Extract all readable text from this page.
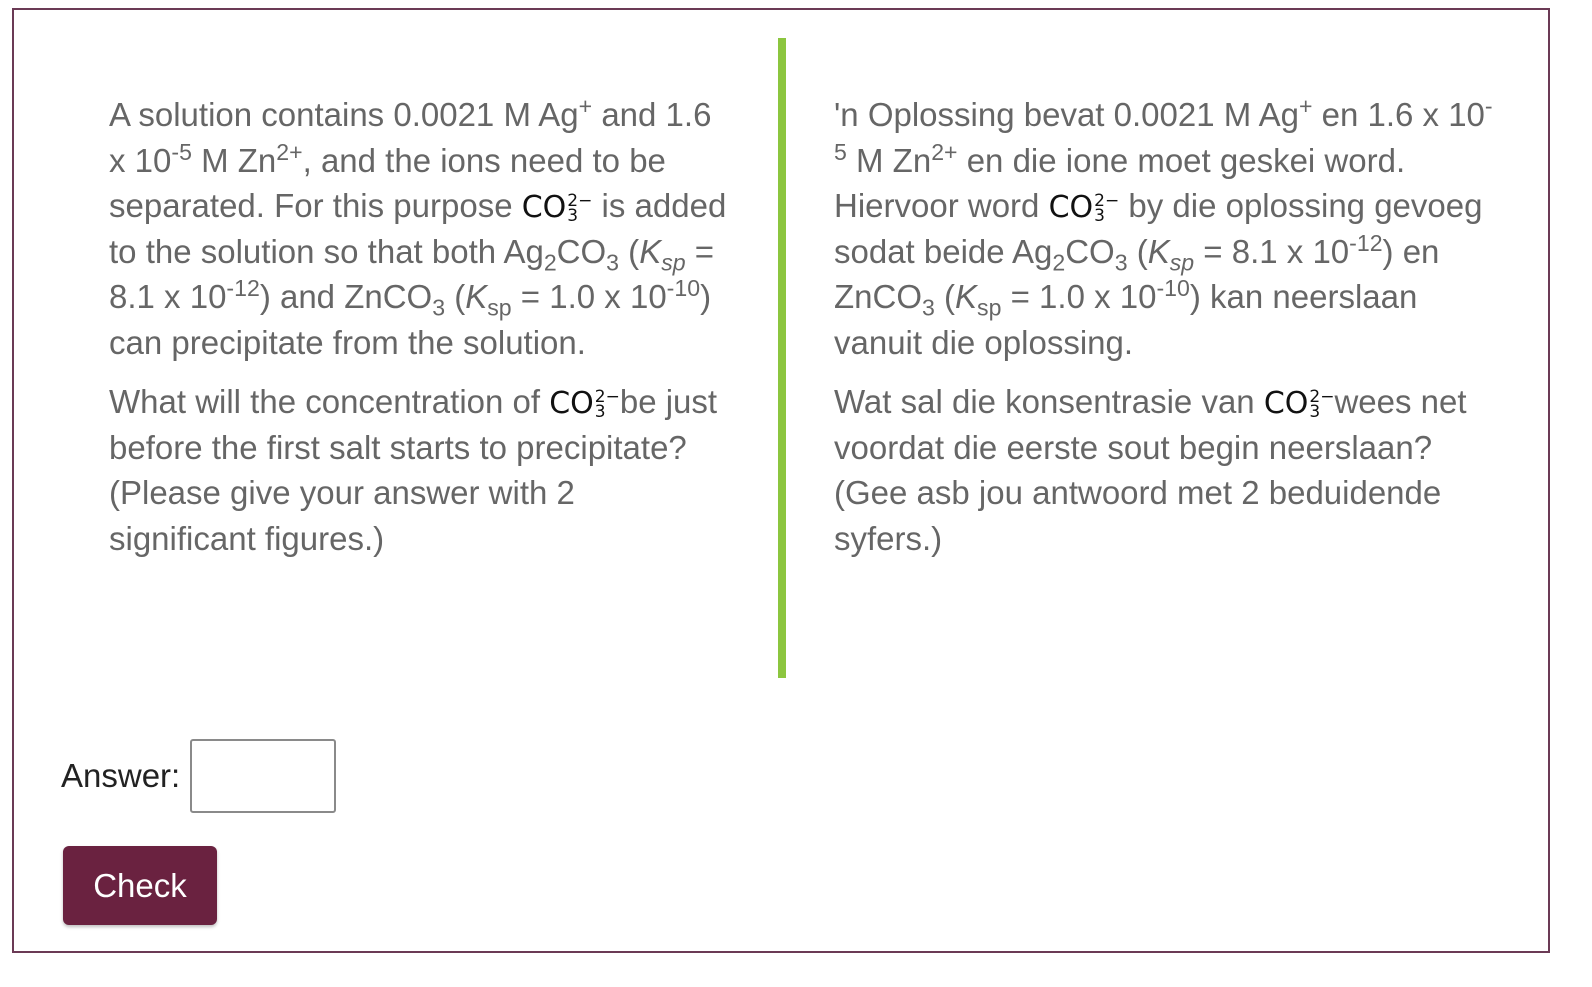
A solution contains 0.0021 M Ag+ and 1.6 x $10^{-5}$ M $Zn^{2+}$, and the ions need to be separated. For this purpose CO 2−
3 is added to the solution so that both $Ag_2CO_3$ ($K_{sp} = 8.1$ x $10^{-12}$) and ZnCO$_3$ ($K_{sp} = 1.0$ x $10^{-10}$) can precipitate from the solution.

What will the concentration of CO 2−
3 be just before the first salt starts to precipitate? (Please give your answer with 2 significant figures.)

'n Oplossing bevat 0.0021 M Ag+ en 1.6 x $10^{-5}$ M $Zn^{2+}$ en die ione moet geskei word. Hiervoor word CO 2−
3 by die oplossing gevoeg sodat beide $Ag_2CO_3$ ($K_{sp} = 8.1$ x $10^{-12}$) en ZnCO$_3$ ($K_{sp} = 1.0$ x $10^{-10}$) kan neerslaan vanuit die oplossing.

Wat sal die konsentrasie van CO 2−
3 wees net voordat die eerste sout begin neerslaan? (Gee asb jou antwoord met 2 beduidende syfers.)

Answer:
Check
